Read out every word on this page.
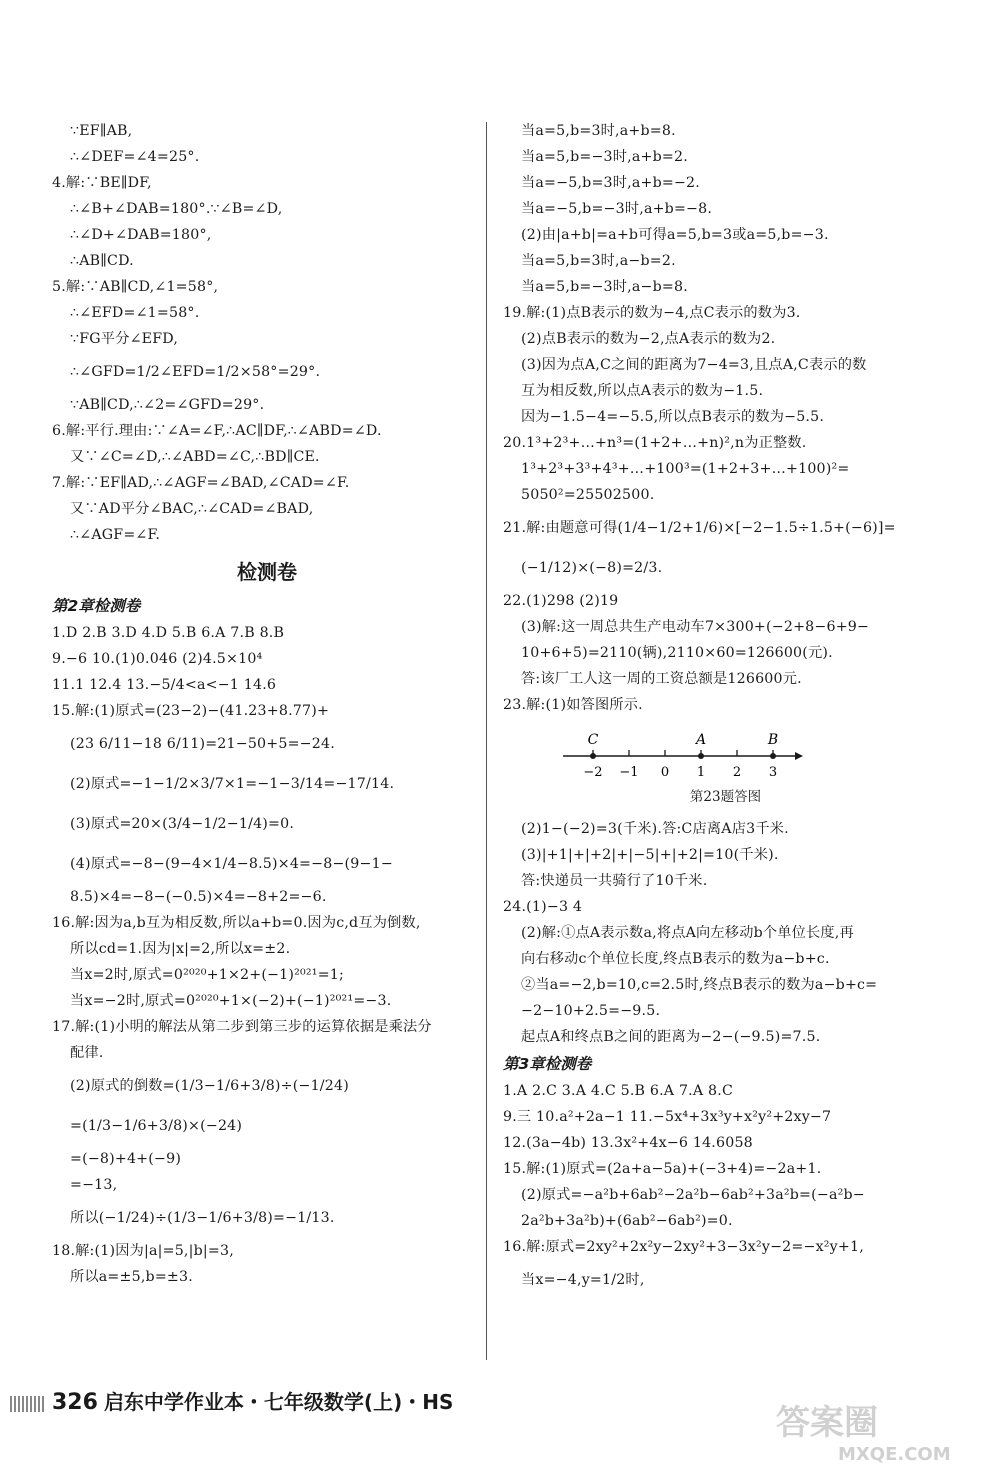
∵EF∥AB,
∴∠DEF=∠4=25°.
4.解:∵BE∥DF,
∴∠B+∠DAB=180°.∵∠B=∠D,
∴∠D+∠DAB=180°,
∴AB∥CD.
5.解:∵AB∥CD,∠1=58°,
∴∠EFD=∠1=58°.
∵FG平分∠EFD,
∴∠GFD=1/2∠EFD=1/2×58°=29°.
∵AB∥CD,∴∠2=∠GFD=29°.
6.解:平行.理由:∵∠A=∠F,∴AC∥DF,∴∠ABD=∠D.
又∵∠C=∠D,∴∠ABD=∠C,∴BD∥CE.
7.解:∵EF∥AD,∴∠AGF=∠BAD,∠CAD=∠F.
又∵AD平分∠BAC,∴∠CAD=∠BAD,
∴∠AGF=∠F.
检测卷
第2章检测卷
1.D 2.B 3.D 4.D 5.B 6.A 7.B 8.B
9.−6 10.(1)0.046 (2)4.5×10⁴
11.1 12.4 13.−5/4<a<−1 14.6
15.解:(1)原式=(23−2)−(41.23+8.77)+
(23 6/11−18 6/11)=21−50+5=−24.
(2)原式=−1−1/2×3/7×1=−1−3/14=−17/14.
(3)原式=20×(3/4−1/2−1/4)=0.
(4)原式=−8−(9−4×1/4−8.5)×4=−8−(9−1−
8.5)×4=−8−(−0.5)×4=−8+2=−6.
16.解:因为a,b互为相反数,所以a+b=0.因为c,d互为倒数,
所以cd=1.因为|x|=2,所以x=±2.
当x=2时,原式=0²⁰²⁰+1×2+(−1)²⁰²¹=1;
当x=−2时,原式=0²⁰²⁰+1×(−2)+(−1)²⁰²¹=−3.
17.解:(1)小明的解法从第二步到第三步的运算依据是乘法分
配律.
(2)原式的倒数=(1/3−1/6+3/8)÷(−1/24)
=(1/3−1/6+3/8)×(−24)
=(−8)+4+(−9)
=−13,
所以(−1/24)÷(1/3−1/6+3/8)=−1/13.
18.解:(1)因为|a|=5,|b|=3,
所以a=±5,b=±3.
当a=5,b=3时,a+b=8.
当a=5,b=−3时,a+b=2.
当a=−5,b=3时,a+b=−2.
当a=−5,b=−3时,a+b=−8.
(2)由|a+b|=a+b可得a=5,b=3或a=5,b=−3.
当a=5,b=3时,a−b=2.
当a=5,b=−3时,a−b=8.
19.解:(1)点B表示的数为−4,点C表示的数为3.
(2)点B表示的数为−2,点A表示的数为2.
(3)因为点A,C之间的距离为7−4=3,且点A,C表示的数
互为相反数,所以点A表示的数为−1.5.
因为−1.5−4=−5.5,所以点B表示的数为−5.5.
20.1³+2³+…+n³=(1+2+…+n)²,n为正整数.
1³+2³+3³+4³+…+100³=(1+2+3+…+100)²=
5050²=25502500.
21.解:由题意可得(1/4−1/2+1/6)×[−2−1.5÷1.5+(−6)]=
(−1/12)×(−8)=2/3.
22.(1)298 (2)19
(3)解:这一周总共生产电动车7×300+(−2+8−6+9−
10+6+5)=2110(辆),2110×60=126600(元).
答:该厂工人这一周的工资总额是126600元.
23.解:(1)如答图所示.
−2 −1 0 1 2 3
C	A	B
第23题答图
(2)1−(−2)=3(千米).答:C店离A店3千米.
(3)|+1|+|+2|+|−5|+|+2|=10(千米).
答:快递员一共骑行了10千米.
24.(1)−3 4
(2)解:①点A表示数a,将点A向左移动b个单位长度,再
向右移动c个单位长度,终点B表示的数为a−b+c.
②当a=−2,b=10,c=2.5时,终点B表示的数为a−b+c=
−2−10+2.5=−9.5.
起点A和终点B之间的距离为−2−(−9.5)=7.5.
第3章检测卷
1.A 2.C 3.A 4.C 5.B 6.A 7.A 8.C
9.三 10.a²+2a−1 11.−5x⁴+3x³y+x²y²+2xy−7
12.(3a−4b) 13.3x²+4x−6 14.6058
15.解:(1)原式=(2a+a−5a)+(−3+4)=−2a+1.
(2)原式=−a²b+6ab²−2a²b−6ab²+3a²b=(−a²b−
2a²b+3a²b)+(6ab²−6ab²)=0.
16.解:原式=2xy²+2x²y−2xy²+3−3x²y−2=−x²y+1,
当x=−4,y=1/2时,
326 启东中学作业本・七年级数学(上)・HS
答案圈
MXQE.COM
